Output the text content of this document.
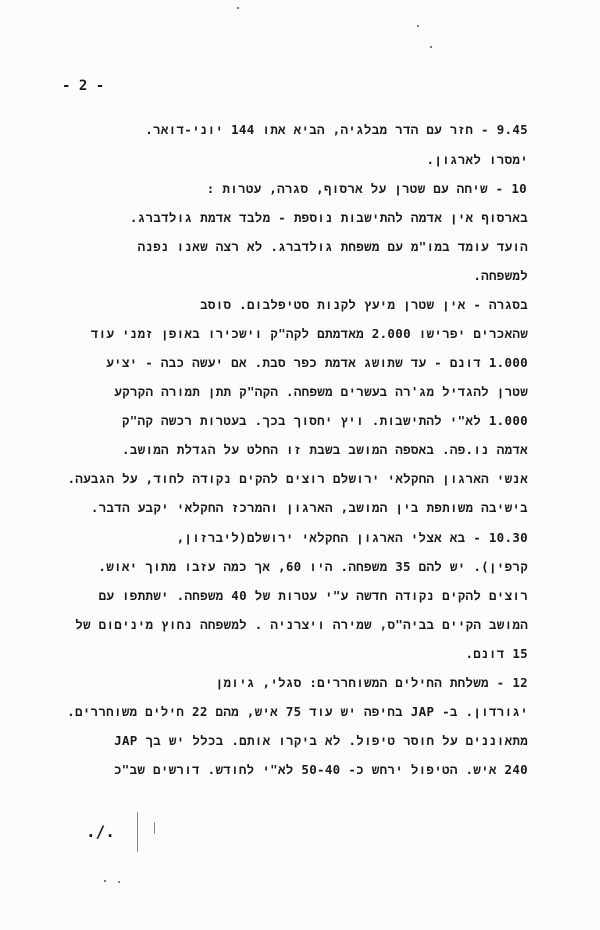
- 2 -
9.45 - חזר עם הדר מבלגיה, הביא אתו 144 יוני-דואר.
ימסרו לארגון.
10 - שיחה עם שטרן על ארסוף, סגרה, עטרות :
בארסוף אין אדמה להתישבות נוספת - מלבד אדמת גולדברג.
הועד עומד במו"מ עם משפחת גולדברג. לא רצה שאנו נפנה
למשפחה.
בסגרה - אין שטרן מיעץ לקנות סטיפלבום. סוסב
שהאכרים יפרישו 2.000 מאדמתם לקה"ק וישכירו באופן זמני עוד
1.000 דונם - עד שתושג אדמת כפר סבת. אם יעשה כבה - יציע
שטרן להגדיל מג'רה בעשרים משפחה. הקה"ק תתן תמורה הקרקע
1.000 לא"י להתישבות. ויץ יחסוך בכך. בעטרות רכשה קה"ק
אדמה נו.פה. באספה המושב בשבת זו החלט על הגדלת המושב.
אנשי הארגון החקלאי ירושלם רוצים להקים נקודה לחוד, על הגבעה.
בישיבה משותפת בין המושב, הארגון והמרכז החקלאי יקבע הדבר.
10.30 - בא אצלי הארגון החקלאי ירושלם(ליברזון,
קרפין). יש להם 35 משפחה. היו 60, אך כמה עזבו מתוך יאוש.
רוצים להקים נקודה חדשה ע"י עטרות של 40 משפחה. ישתתפו עם
המושב הקיים בביה"ס, שמירה ויצרניה . למשפחה נחוץ מיניםום של
15 דונם.
12 - משלחת החילים המשוחררים: סגלי, גיומן
יגורדון. ב- JAP בחיפה יש עוד 75 איש, מהם 22 חילים משוחררים.
מתאוננים על חוסר טיפול. לא ביקרו אותם. בכלל יש בך JAP
240 איש. הטיפול ירחש כ- 50-40 לא"י לחודש. דורשים שב"כ
./.
